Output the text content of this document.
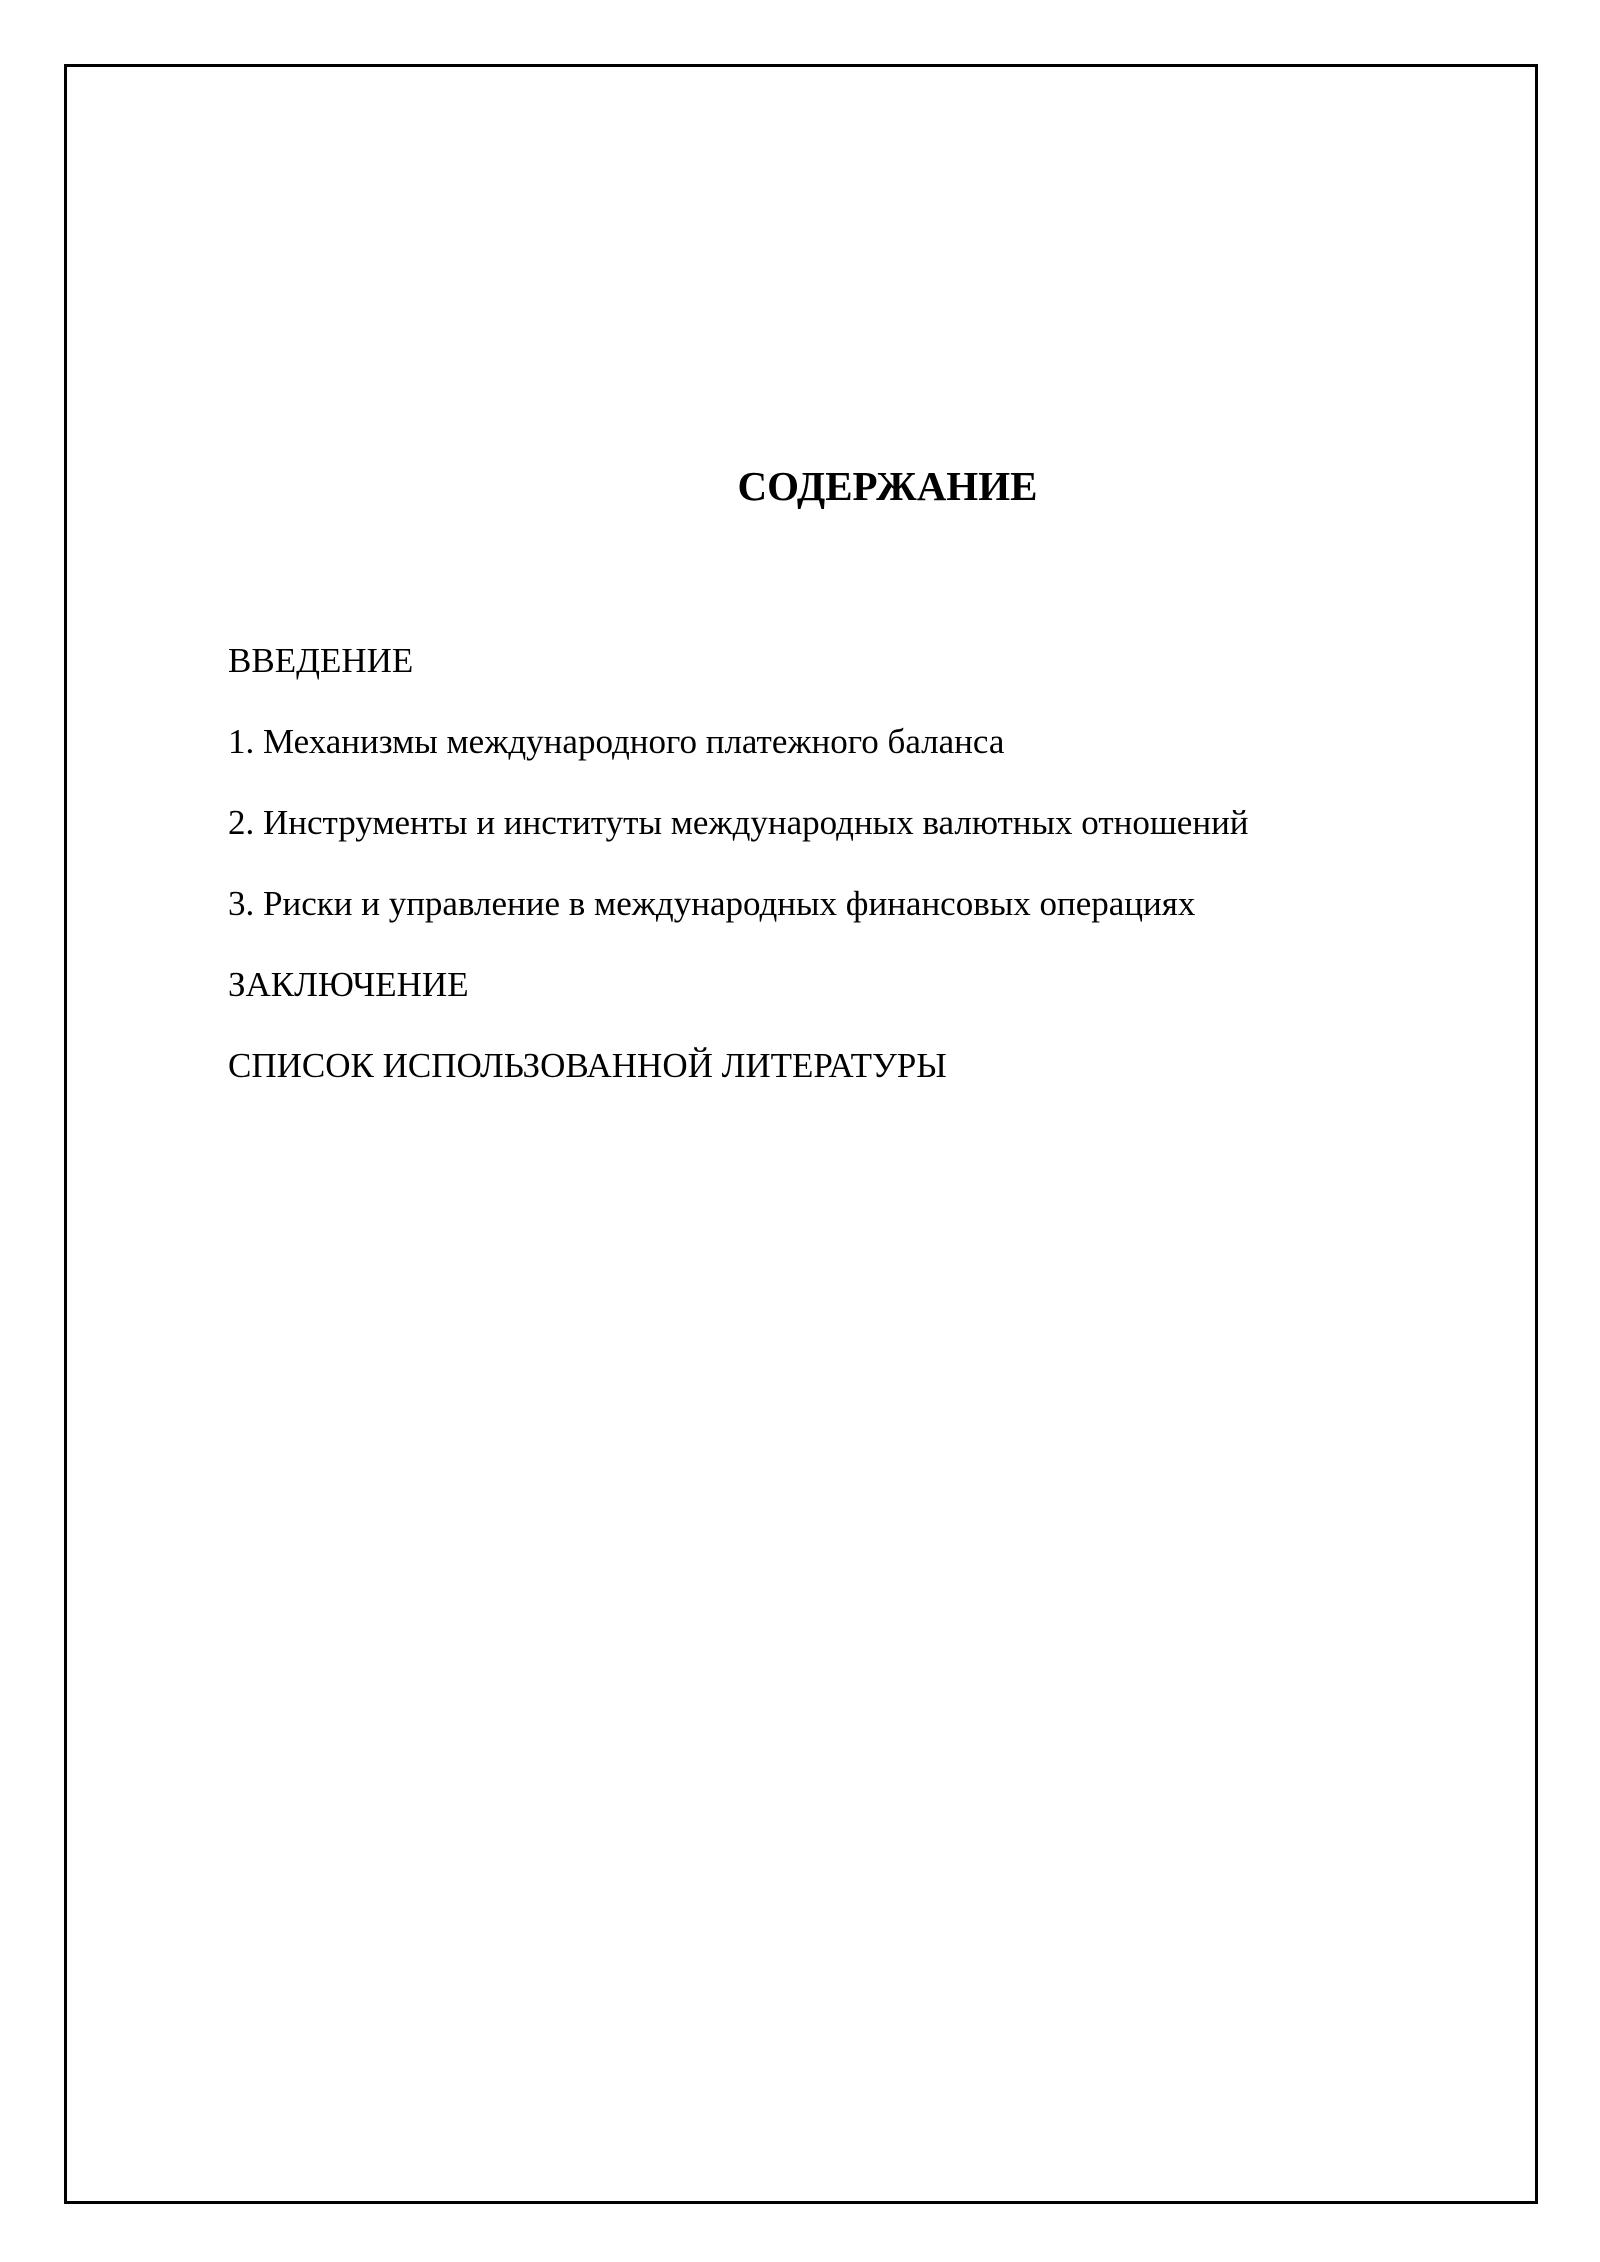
СОДЕРЖАНИЕ
ВВЕДЕНИЕ
1. Механизмы международного платежного баланса
2. Инструменты и институты международных валютных отношений
3. Риски и управление в международных финансовых операциях
ЗАКЛЮЧЕНИЕ
СПИСОК ИСПОЛЬЗОВАННОЙ ЛИТЕРАТУРЫ
